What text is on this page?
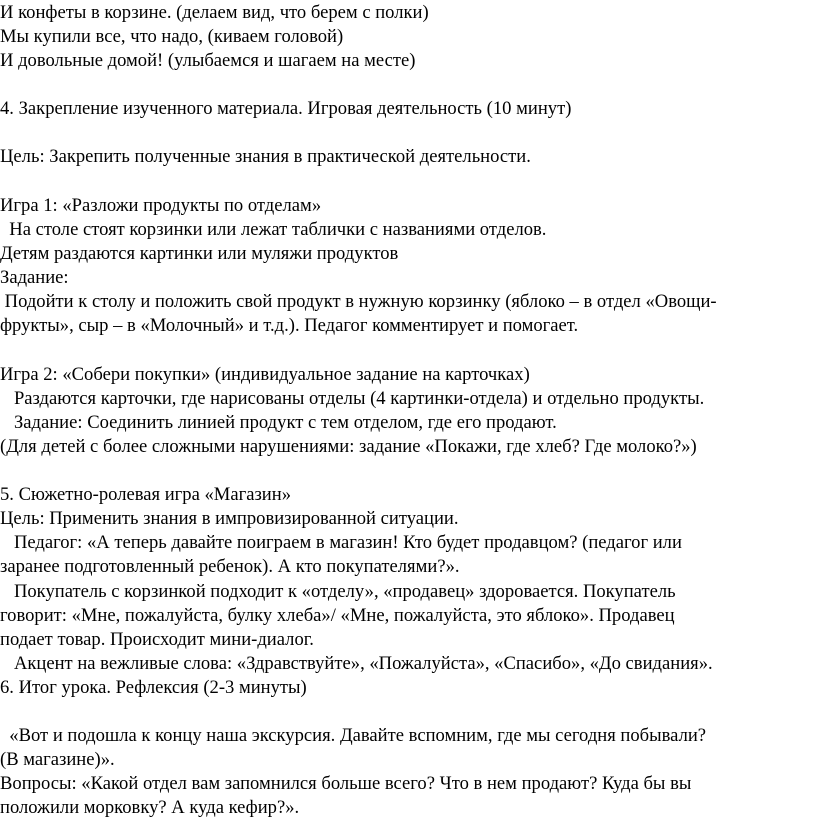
И конфеты в корзине. (делаем вид, что берем с полки)
Мы купили все, что надо, (киваем головой)
И довольные домой! (улыбаемся и шагаем на месте)
4. Закрепление изученного материала. Игровая деятельность (10 минут)
Цель: Закрепить полученные знания в практической деятельности.
Игра 1: «Разложи продукты по отделам»
На столе стоят корзинки или лежат таблички с названиями отделов.
Детям раздаются картинки или муляжи продуктов
Задание:
Подойти к столу и положить свой продукт в нужную корзинку (яблоко – в отдел «Овощи-
фрукты», сыр – в «Молочный» и т.д.). Педагог комментирует и помогает.
Игра 2: «Собери покупки» (индивидуальное задание на карточках)
Раздаются карточки, где нарисованы отделы (4 картинки-отдела) и отдельно продукты.
Задание: Соединить линией продукт с тем отделом, где его продают.
(Для детей с более сложными нарушениями: задание «Покажи, где хлеб? Где молоко?»)
5. Сюжетно-ролевая игра «Магазин»
Цель: Применить знания в импровизированной ситуации.
Педагог: «А теперь давайте поиграем в магазин! Кто будет продавцом? (педагог или
заранее подготовленный ребенок). А кто покупателями?».
Покупатель с корзинкой подходит к «отделу», «продавец» здоровается. Покупатель
говорит: «Мне, пожалуйста, булку хлеба»/ «Мне, пожалуйста, это яблоко». Продавец
подает товар. Происходит мини-диалог.
Акцент на вежливые слова: «Здравствуйте», «Пожалуйста», «Спасибо», «До свидания».
6. Итог урока. Рефлексия (2-3 минуты)
«Вот и подошла к концу наша экскурсия. Давайте вспомним, где мы сегодня побывали?
(В магазине)».
Вопросы: «Какой отдел вам запомнился больше всего? Что в нем продают? Куда бы вы
положили морковку? А куда кефир?».
